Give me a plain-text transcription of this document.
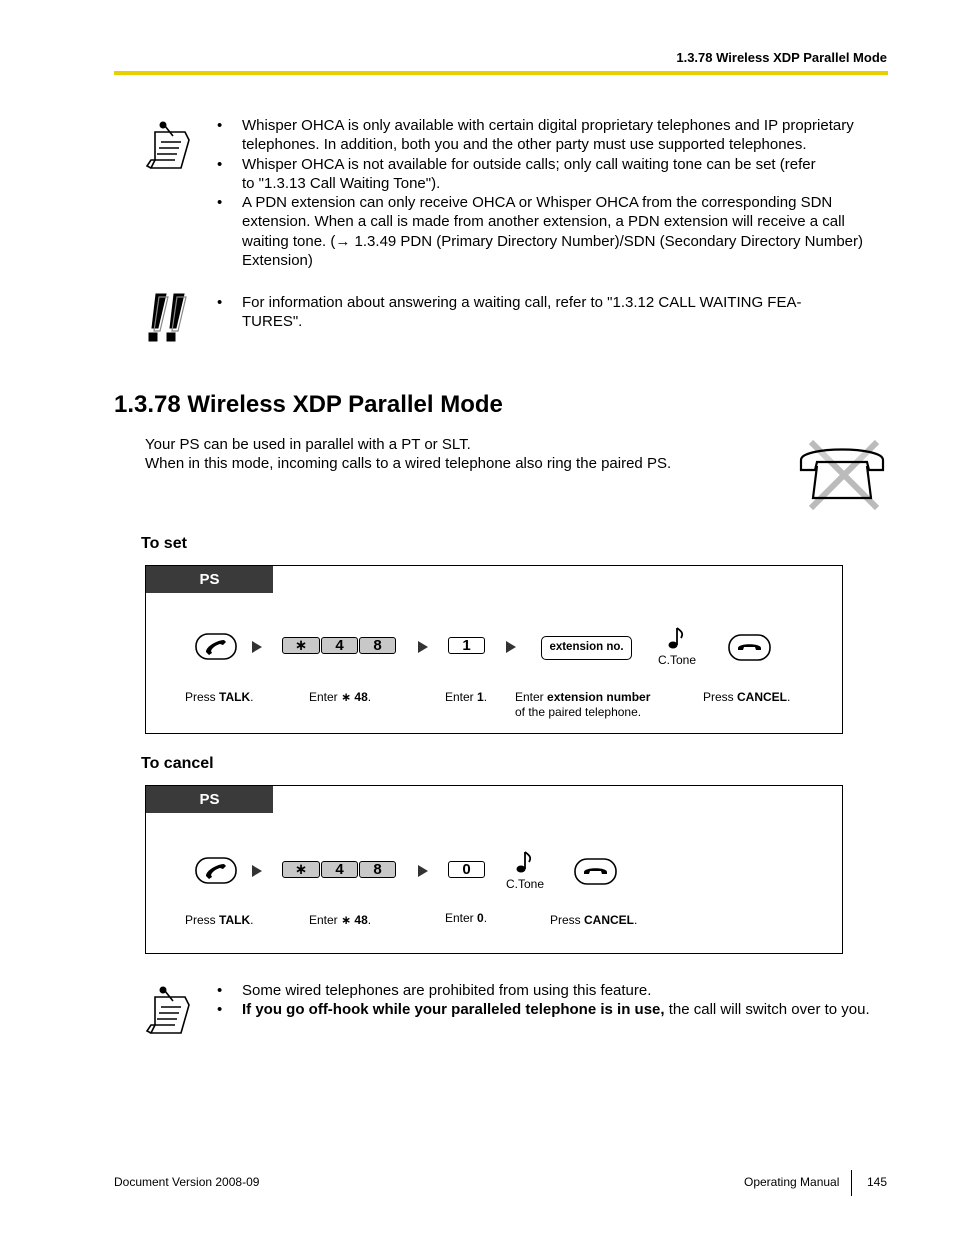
1.3.78 Wireless XDP Parallel Mode

• Whisper OHCA is only available with certain digital proprietary telephones and IP proprietary
telephones. In addition, both you and the other party must use supported telephones.

• Whisper OHCA is not available for outside calls; only call waiting tone can be set (refer
to "1.3.13 Call Waiting Tone").

• A PDN extension can only receive OHCA or Whisper OHCA from the corresponding SDN
extension. When a call is made from another extension, a PDN extension will receive a call
waiting tone. (→ 1.3.49 PDN (Primary Directory Number)/SDN (Secondary Directory Number)
Extension)

• For information about answering a waiting call, refer to "1.3.12 CALL WAITING FEA-
TURES".

1.3.78 Wireless XDP Parallel Mode
Your PS can be used in parallel with a PT or SLT.
When in this mode, incoming calls to a wired telephone also ring the paired PS.
To set
PS
∗	4	8	1	extension no.
C.Tone
Press TALK.	Enter ∗ 48.	Enter 1. Enter extension number
of the paired telephone.
Press CANCEL.
To cancel
PS
∗	4	8	0
C.Tone
Press TALK.	Enter ∗ 48.	Enter 0.	Press CANCEL.

• Some wired telephones are prohibited from using this feature.

• If you go off-hook while your paralleled telephone is in use, the call will switch over to you.

Document Version 2008-09	Operating Manual 145
